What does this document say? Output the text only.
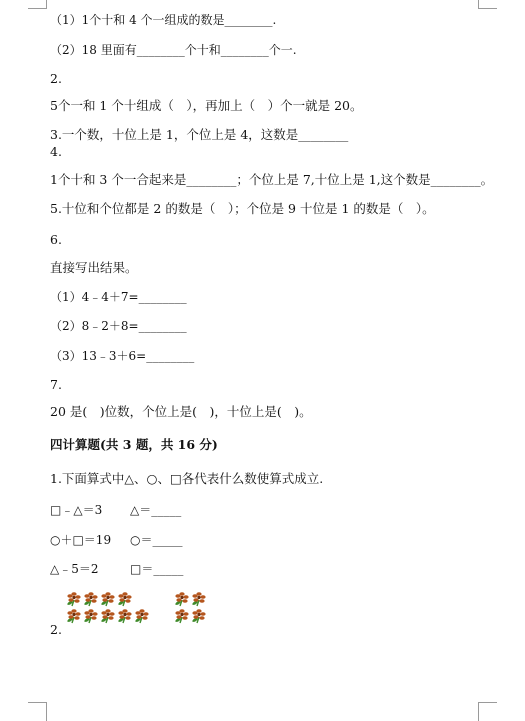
（1）1个十和 4 个一组成的数是________.
（2）18 里面有________个十和________个一.
2.
5个一和 1 个十组成（　），再加上（　）个一就是 20。
3.一个数，十位上是 1，个位上是 4，这数是________
4.
1个十和 3 个一合起来是________；个位上是 7,十位上是 1,这个数是________。
5.十位和个位都是 2 的数是（　）；个位是 9 十位是 1 的数是（　）。
6.
直接写出结果。
（1）4﹣4＋7=________
（2）8﹣2＋8=________
（3）13﹣3＋6=________
7.
20 是(　)位数，个位上是(　)，十位上是(　)。
四计算题(共 3 题，共 16 分)
1.下面算式中△、○、□各代表什么数使算式成立.
□﹣△＝3 △＝_____
○＋□＝19 ○＝_____
△﹣5＝2	□＝_____
2.
